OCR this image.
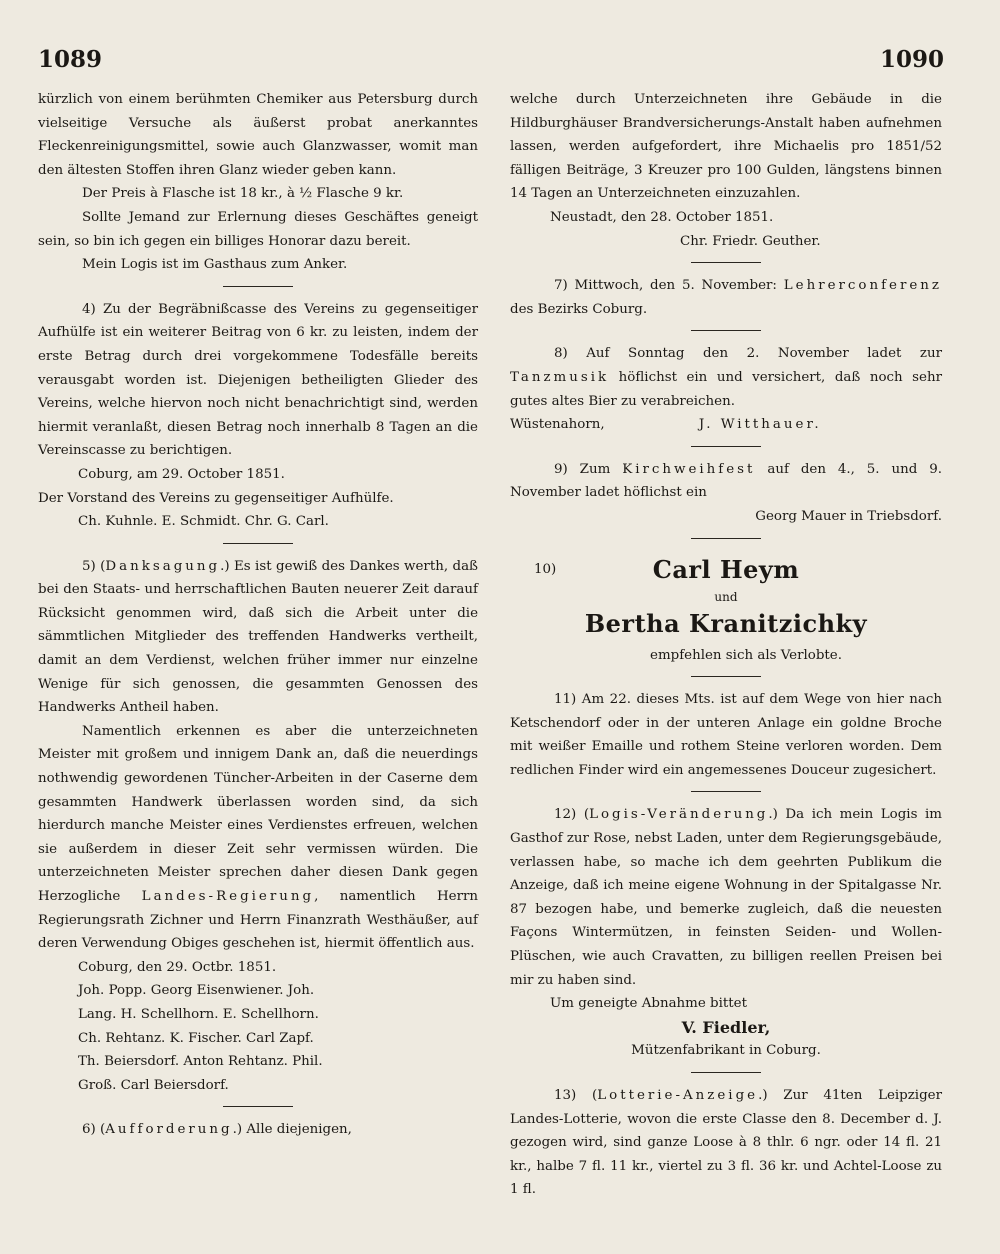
1089	1090

kürzlich von einem berühmten Chemiker aus Petersburg durch vielseitige Versuche als äußerst probat anerkanntes Fleckenreinigungsmittel, sowie auch Glanzwasser, womit man den ältesten Stoffen ihren Glanz wieder geben kann.

Der Preis à Flasche ist 18 kr., à ½ Flasche 9 kr.

Sollte Jemand zur Erlernung dieses Geschäftes geneigt sein, so bin ich gegen ein billiges Honorar dazu bereit.

Mein Logis ist im Gasthaus zum Anker.

4) Zu der Begräbnißcasse des Vereins zu gegenseitiger Aufhülfe ist ein weiterer Beitrag von 6 kr. zu leisten, indem der erste Betrag durch drei vorgekommene Todesfälle bereits verausgabt worden ist. Diejenigen betheiligten Glieder des Vereins, welche hiervon noch nicht benachrichtigt sind, werden hiermit veranlaßt, diesen Betrag noch innerhalb 8 Tagen an die Vereinscasse zu berichtigen.

Coburg, am 29. October 1851.

Der Vorstand des Vereins zu gegenseitiger Aufhülfe.

Ch. Kuhnle. E. Schmidt. Chr. G. Carl.

5) (Danksagung.) Es ist gewiß des Dankes werth, daß bei den Staats- und herrschaftlichen Bauten neuerer Zeit darauf Rücksicht genommen wird, daß sich die Arbeit unter die sämmtlichen Mitglieder des treffenden Handwerks vertheilt, damit an dem Verdienst, welchen früher immer nur einzelne Wenige für sich genossen, die gesammten Genossen des Handwerks Antheil haben.

Namentlich erkennen es aber die unterzeichneten Meister mit großem und innigem Dank an, daß die neuerdings nothwendig gewordenen Tüncher-Arbeiten in der Caserne dem gesammten Handwerk überlassen worden sind, da sich hierdurch manche Meister eines Verdienstes erfreuen, welchen sie außerdem in dieser Zeit sehr vermissen würden. Die unterzeichneten Meister sprechen daher diesen Dank gegen Herzogliche Landes-Regierung, namentlich Herrn Regierungsrath Zichner und Herrn Finanzrath Westhäußer, auf deren Verwendung Obiges geschehen ist, hiermit öffentlich aus.

Coburg, den 29. Octbr. 1851.

Joh. Popp. Georg Eisenwiener. Joh.

Lang. H. Schellhorn. E. Schellhorn.

Ch. Rehtanz. K. Fischer. Carl Zapf.

Th. Beiersdorf. Anton Rehtanz. Phil.

Groß. Carl Beiersdorf.

6) (Aufforderung.) Alle diejenigen,

welche durch Unterzeichneten ihre Gebäude in die Hildburghäuser Brandversicherungs-Anstalt haben aufnehmen lassen, werden aufgefordert, ihre Michaelis pro 1851/52 fälligen Beiträge, 3 Kreuzer pro 100 Gulden, längstens binnen 14 Tagen an Unterzeichneten einzuzahlen.

Neustadt, den 28. October 1851.

Chr. Friedr. Geuther.

7) Mittwoch, den 5. November: Lehrerconferenz des Bezirks Coburg.

8) Auf Sonntag den 2. November ladet zur Tanzmusik höflichst ein und versichert, daß noch sehr gutes altes Bier zu verabreichen.

Wüstenahorn,	J. Witthauer.

9) Zum Kirchweihfest auf den 4., 5. und 9. November ladet höflichst ein

Georg Mauer in Triebsdorf.

10)	Carl Heym
und
Bertha Kranitzichky
empfehlen sich als Verlobte.

11) Am 22. dieses Mts. ist auf dem Wege von hier nach Ketschendorf oder in der unteren Anlage ein goldne Broche mit weißer Emaille und rothem Steine verloren worden. Dem redlichen Finder wird ein angemessenes Douceur zugesichert.

12) (Logis-Veränderung.) Da ich mein Logis im Gasthof zur Rose, nebst Laden, unter dem Regierungsgebäude, verlassen habe, so mache ich dem geehrten Publikum die Anzeige, daß ich meine eigene Wohnung in der Spitalgasse Nr. 87 bezogen habe, und bemerke zugleich, daß die neuesten Façons Wintermützen, in feinsten Seiden- und Wollen-Plüschen, wie auch Cravatten, zu billigen reellen Preisen bei mir zu haben sind.

Um geneigte Abnahme bittet

V. Fiedler,

Mützenfabrikant in Coburg.

13) (Lotterie-Anzeige.) Zur 41ten Leipziger Landes-Lotterie, wovon die erste Classe den 8. December d. J. gezogen wird, sind ganze Loose à 8 thlr. 6 ngr. oder 14 fl. 21 kr., halbe 7 fl. 11 kr., viertel zu 3 fl. 36 kr. und Achtel-Loose zu 1 fl.
